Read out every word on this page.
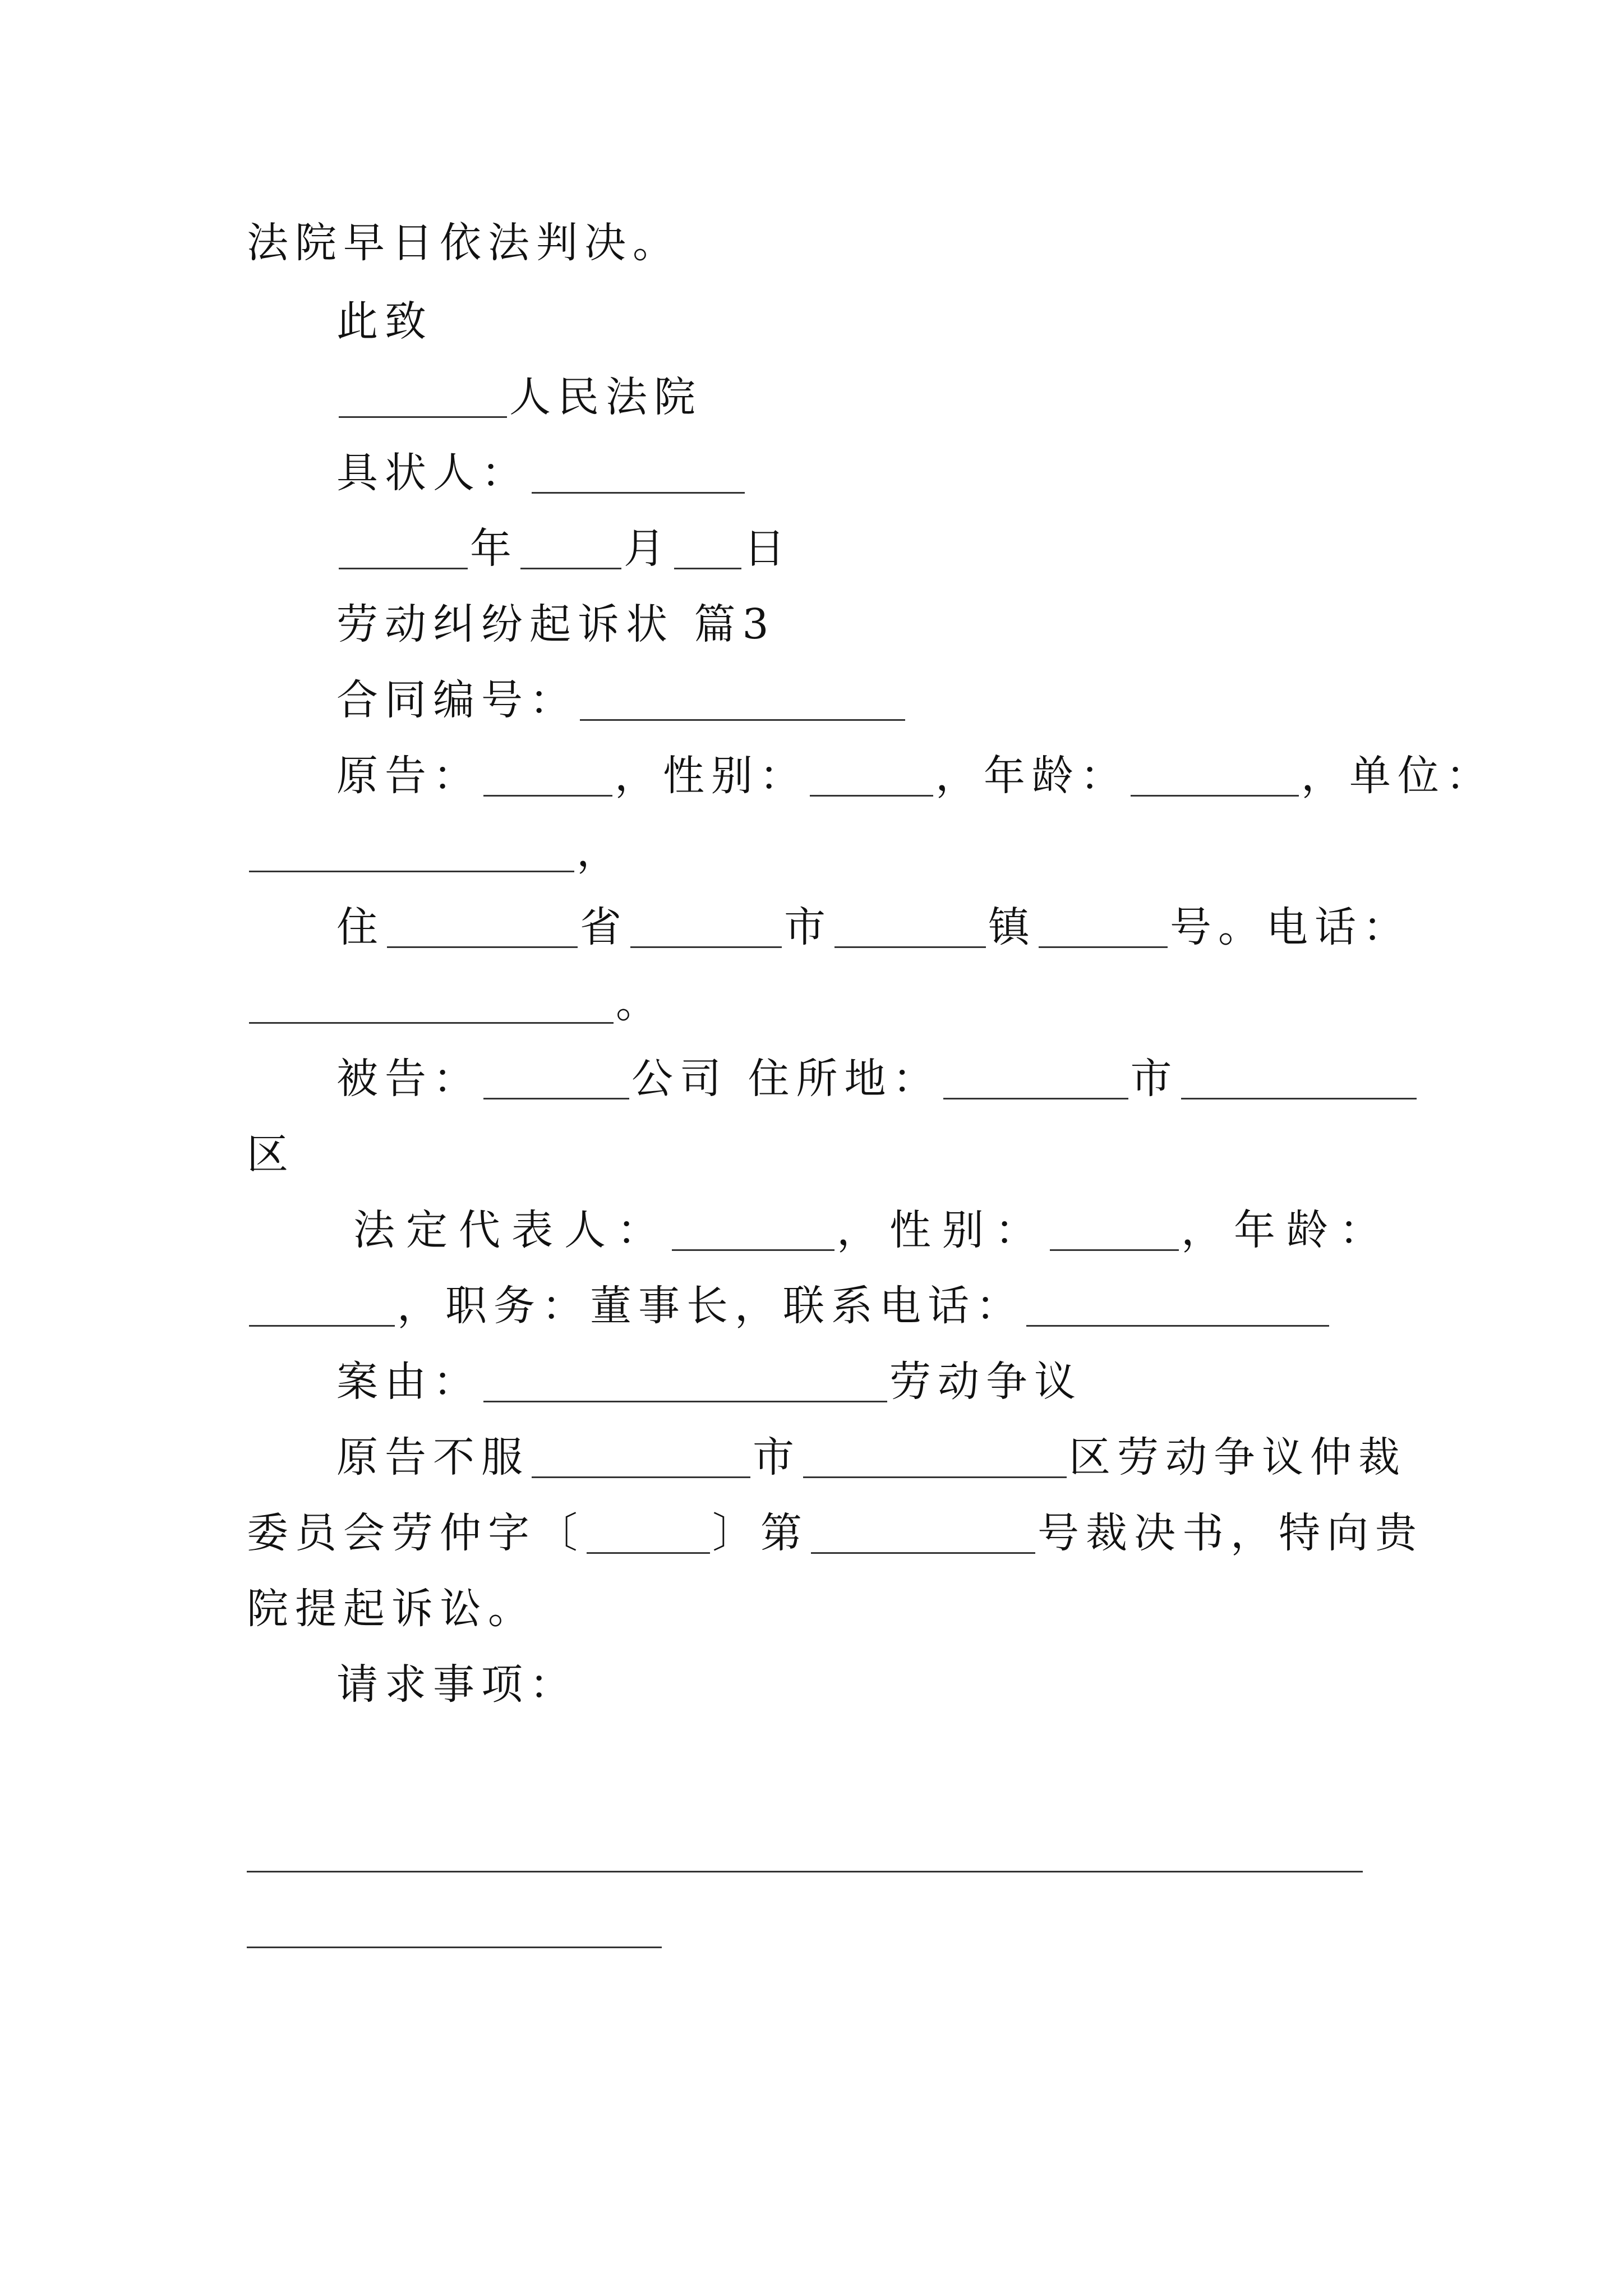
法院早日依法判决。
此致
人民法院
具状人：
年	月 日
劳动纠纷起诉状 篇3
合同编号：
原告：	，性别：	，年龄：	，单位：
，
住	省	市	镇	号。电话：
。
被告：	公司 住所地：	市
区
法定代表人：	，性别：	，年龄：
，职务：董事长，联系电话：
案由：	劳动争议
原告不服	市	区劳动争议仲裁
委员会劳仲字〔	〕第	号裁决书，特向贵
院提起诉讼。
请求事项：
